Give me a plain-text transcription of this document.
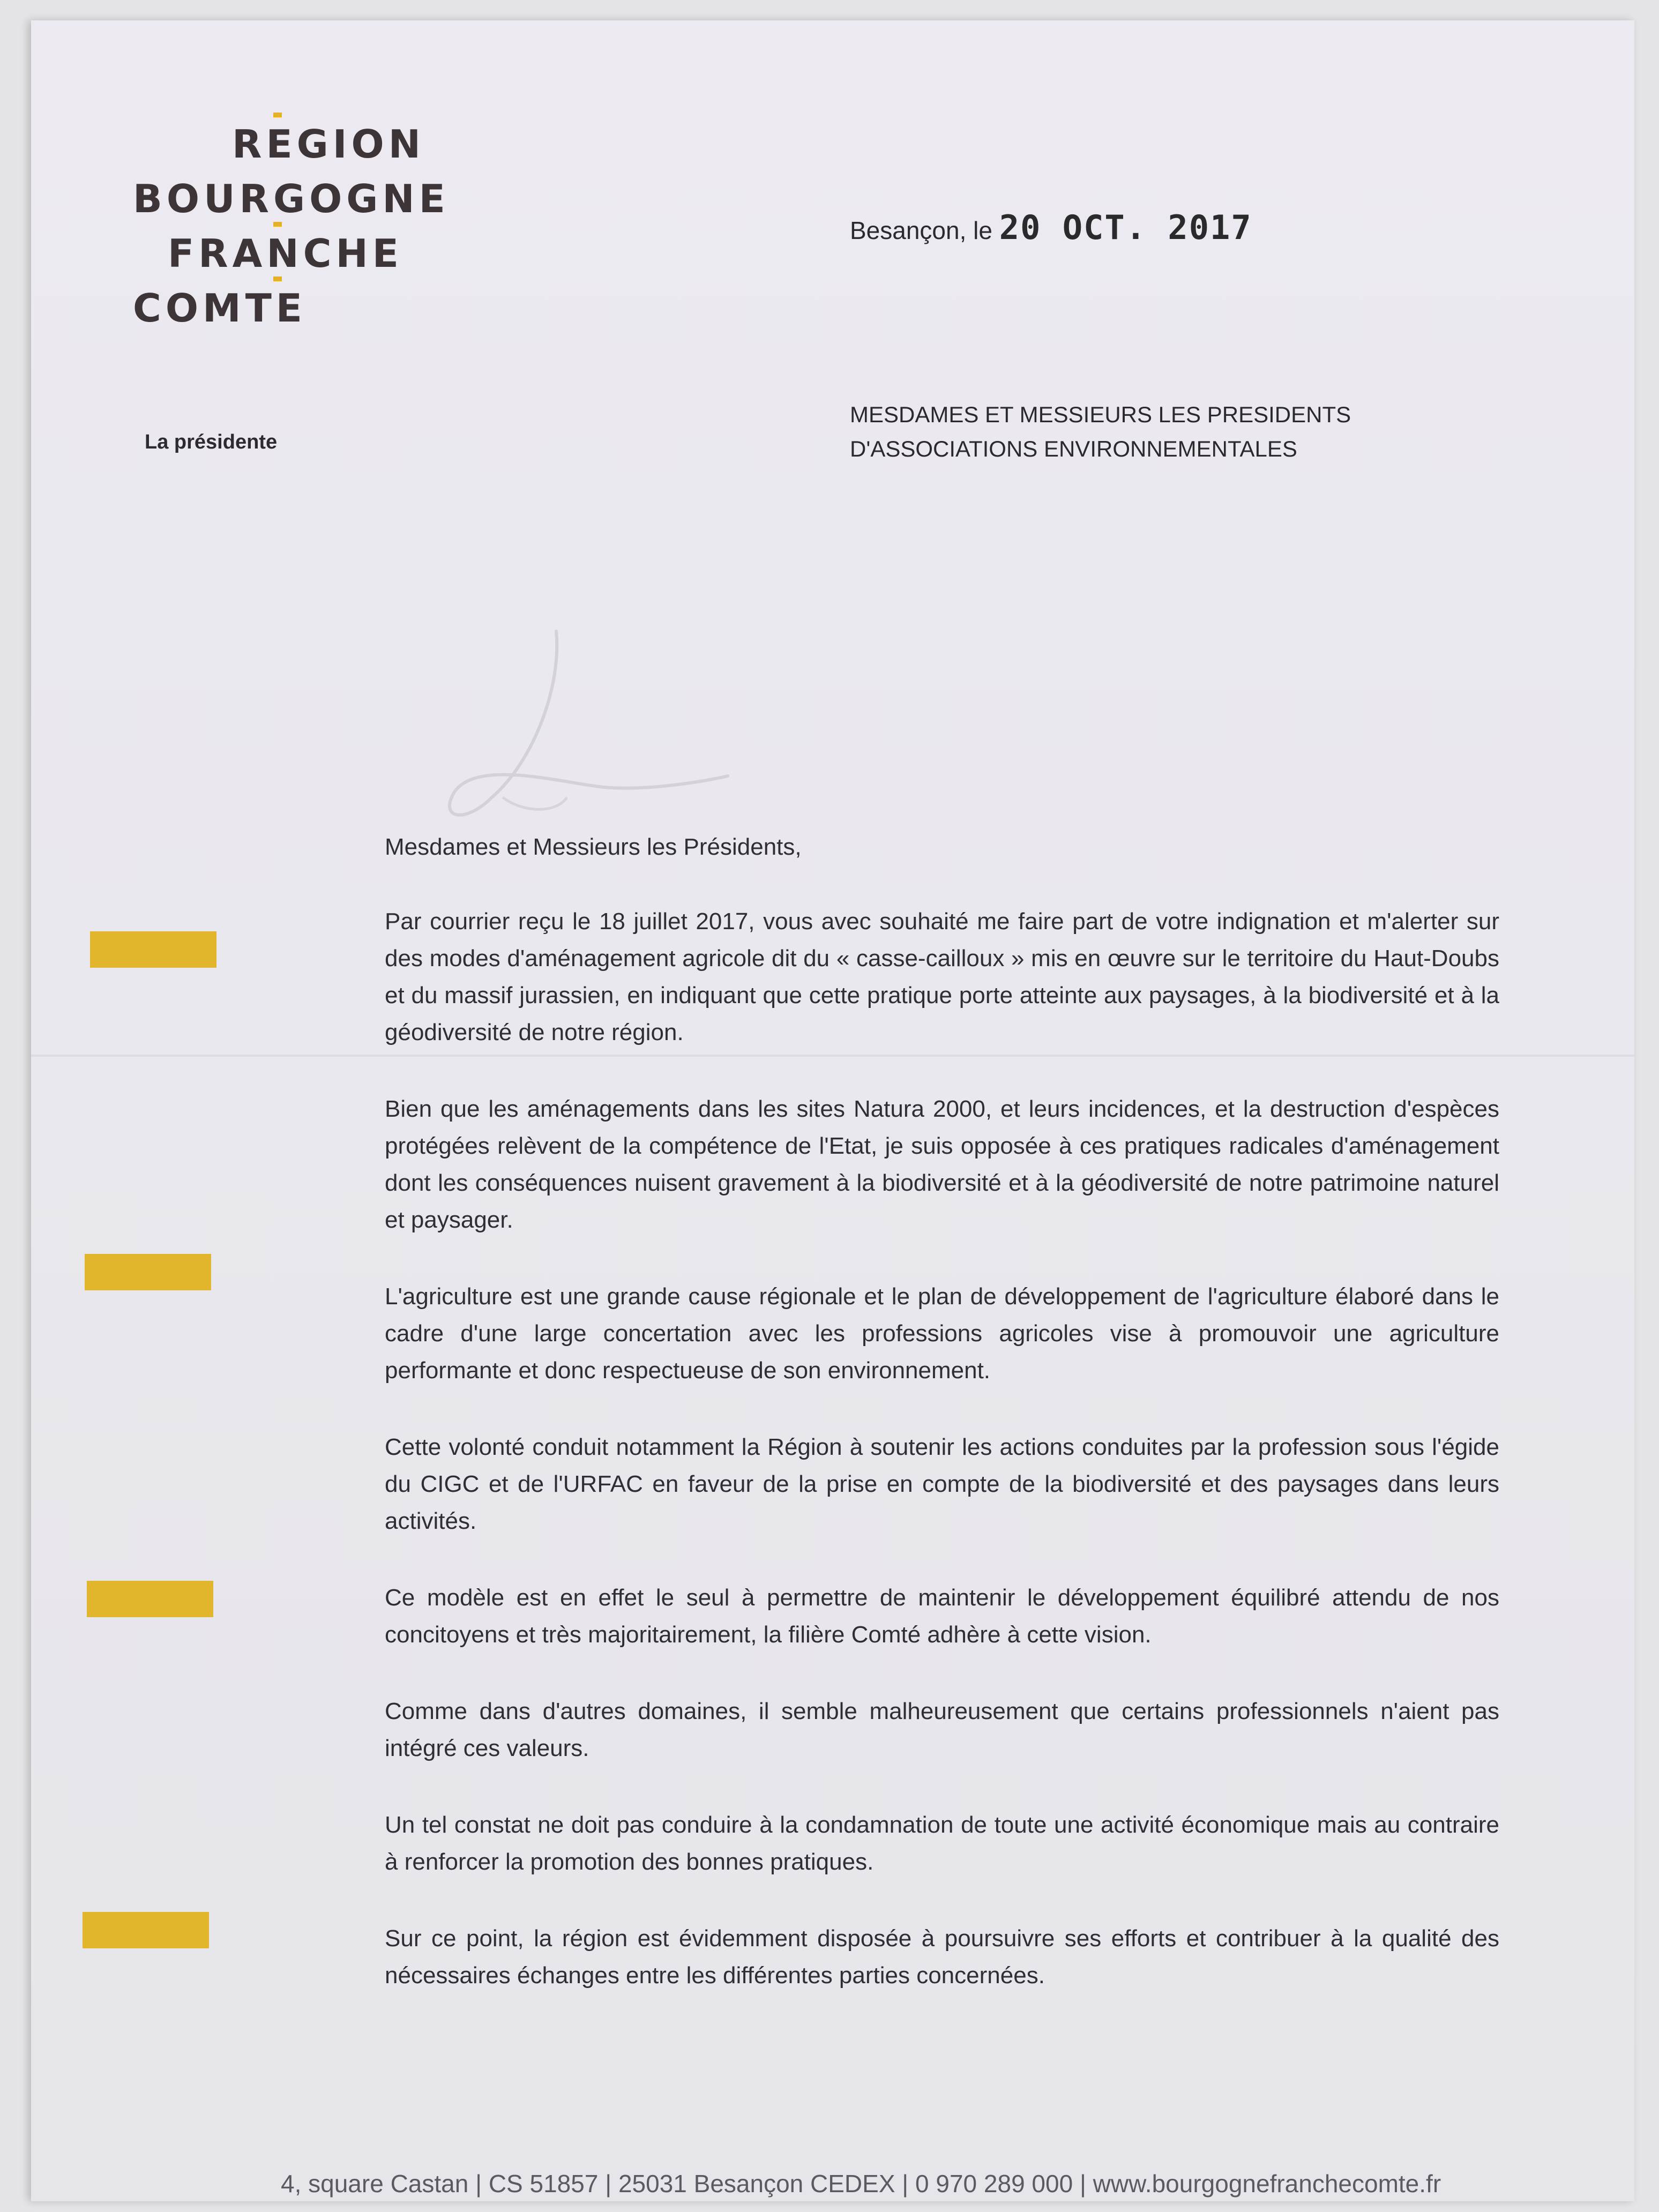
REGION
BOURGOGNE
FRANCHE
COMTE
La présidente
Besançon, le 20 OCT. 2017
MESDAMES ET MESSIEURS LES PRESIDENTS
D'ASSOCIATIONS ENVIRONNEMENTALES

Mesdames et Messieurs les Présidents,

Par courrier reçu le 18 juillet 2017, vous avec souhaité me faire part de votre indignation et m'alerter sur des modes d'aménagement agricole dit du « casse-cailloux » mis en œuvre sur le territoire du Haut-Doubs et du massif jurassien, en indiquant que cette pratique porte atteinte aux paysages, à la biodiversité et à la géodiversité de notre région.

Bien que les aménagements dans les sites Natura 2000, et leurs incidences, et la destruction d'espèces protégées relèvent de la compétence de l'Etat, je suis opposée à ces pratiques radicales d'aménagement dont les conséquences nuisent gravement à la biodiversité et à la géodiversité de notre patrimoine naturel et paysager.

L'agriculture est une grande cause régionale et le plan de développement de l'agriculture élaboré dans le cadre d'une large concertation avec les professions agricoles vise à promouvoir une agriculture performante et donc respectueuse de son environnement.

Cette volonté conduit notamment la Région à soutenir les actions conduites par la profession sous l'égide du CIGC et de l'URFAC en faveur de la prise en compte de la biodiversité et des paysages dans leurs activités.

Ce modèle est en effet le seul à permettre de maintenir le développement équilibré attendu de nos concitoyens et très majoritairement, la filière Comté adhère à cette vision.

Comme dans d'autres domaines, il semble malheureusement que certains professionnels n'aient pas intégré ces valeurs.

Un tel constat ne doit pas conduire à la condamnation de toute une activité économique mais au contraire à renforcer la promotion des bonnes pratiques.

Sur ce point, la région est évidemment disposée à poursuivre ses efforts et contribuer à la qualité des nécessaires échanges entre les différentes parties concernées.

4, square Castan | CS 51857 | 25031 Besançon CEDEX | 0 970 289 000 | www.bourgognefranchecomte.fr
